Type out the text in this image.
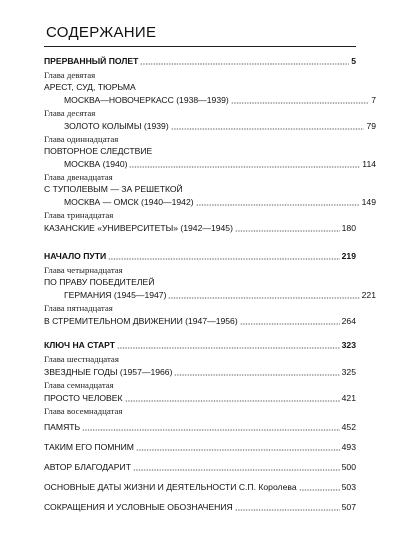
СОДЕРЖАНИЕ
ПРЕРВАННЫЙ ПОЛЕТ	5
Глава девятая
АРЕСТ, СУД, ТЮРЬМА
МОСКВА—НОВОЧЕРКАСС (1938—1939)	7
Глава десятая
ЗОЛОТО КОЛЫМЫ (1939)	79
Глава одиннадцатая
ПОВТОРНОЕ СЛЕДСТВИЕ
МОСКВА (1940)	114
Глава двенадцатая
С ТУПОЛЕВЫМ — ЗА РЕШЕТКОЙ
МОСКВА — ОМСК (1940—1942)	149
Глава тринадцатая
КАЗАНСКИЕ «УНИВЕРСИТЕТЫ» (1942—1945)	180
НАЧАЛО ПУТИ	219
Глава четырнадцатая
ПО ПРАВУ ПОБЕДИТЕЛЕЙ
ГЕРМАНИЯ (1945—1947)	221
Глава пятнадцатая
В СТРЕМИТЕЛЬНОМ ДВИЖЕНИИ (1947—1956)	264
КЛЮЧ НА СТАРТ	323
Глава шестнадцатая
ЗВЕЗДНЫЕ ГОДЫ (1957—1966)	325
Глава семнадцатая
ПРОСТО ЧЕЛОВЕК	421
Глава восемнадцатая
ПАМЯТЬ	452
ТАКИМ ЕГО ПОМНИМ	493
АВТОР БЛАГОДАРИТ	500
ОСНОВНЫЕ ДАТЫ ЖИЗНИ И ДЕЯТЕЛЬНОСТИ С.П. Королева	503
СОКРАЩЕНИЯ И УСЛОВНЫЕ ОБОЗНАЧЕНИЯ	507
